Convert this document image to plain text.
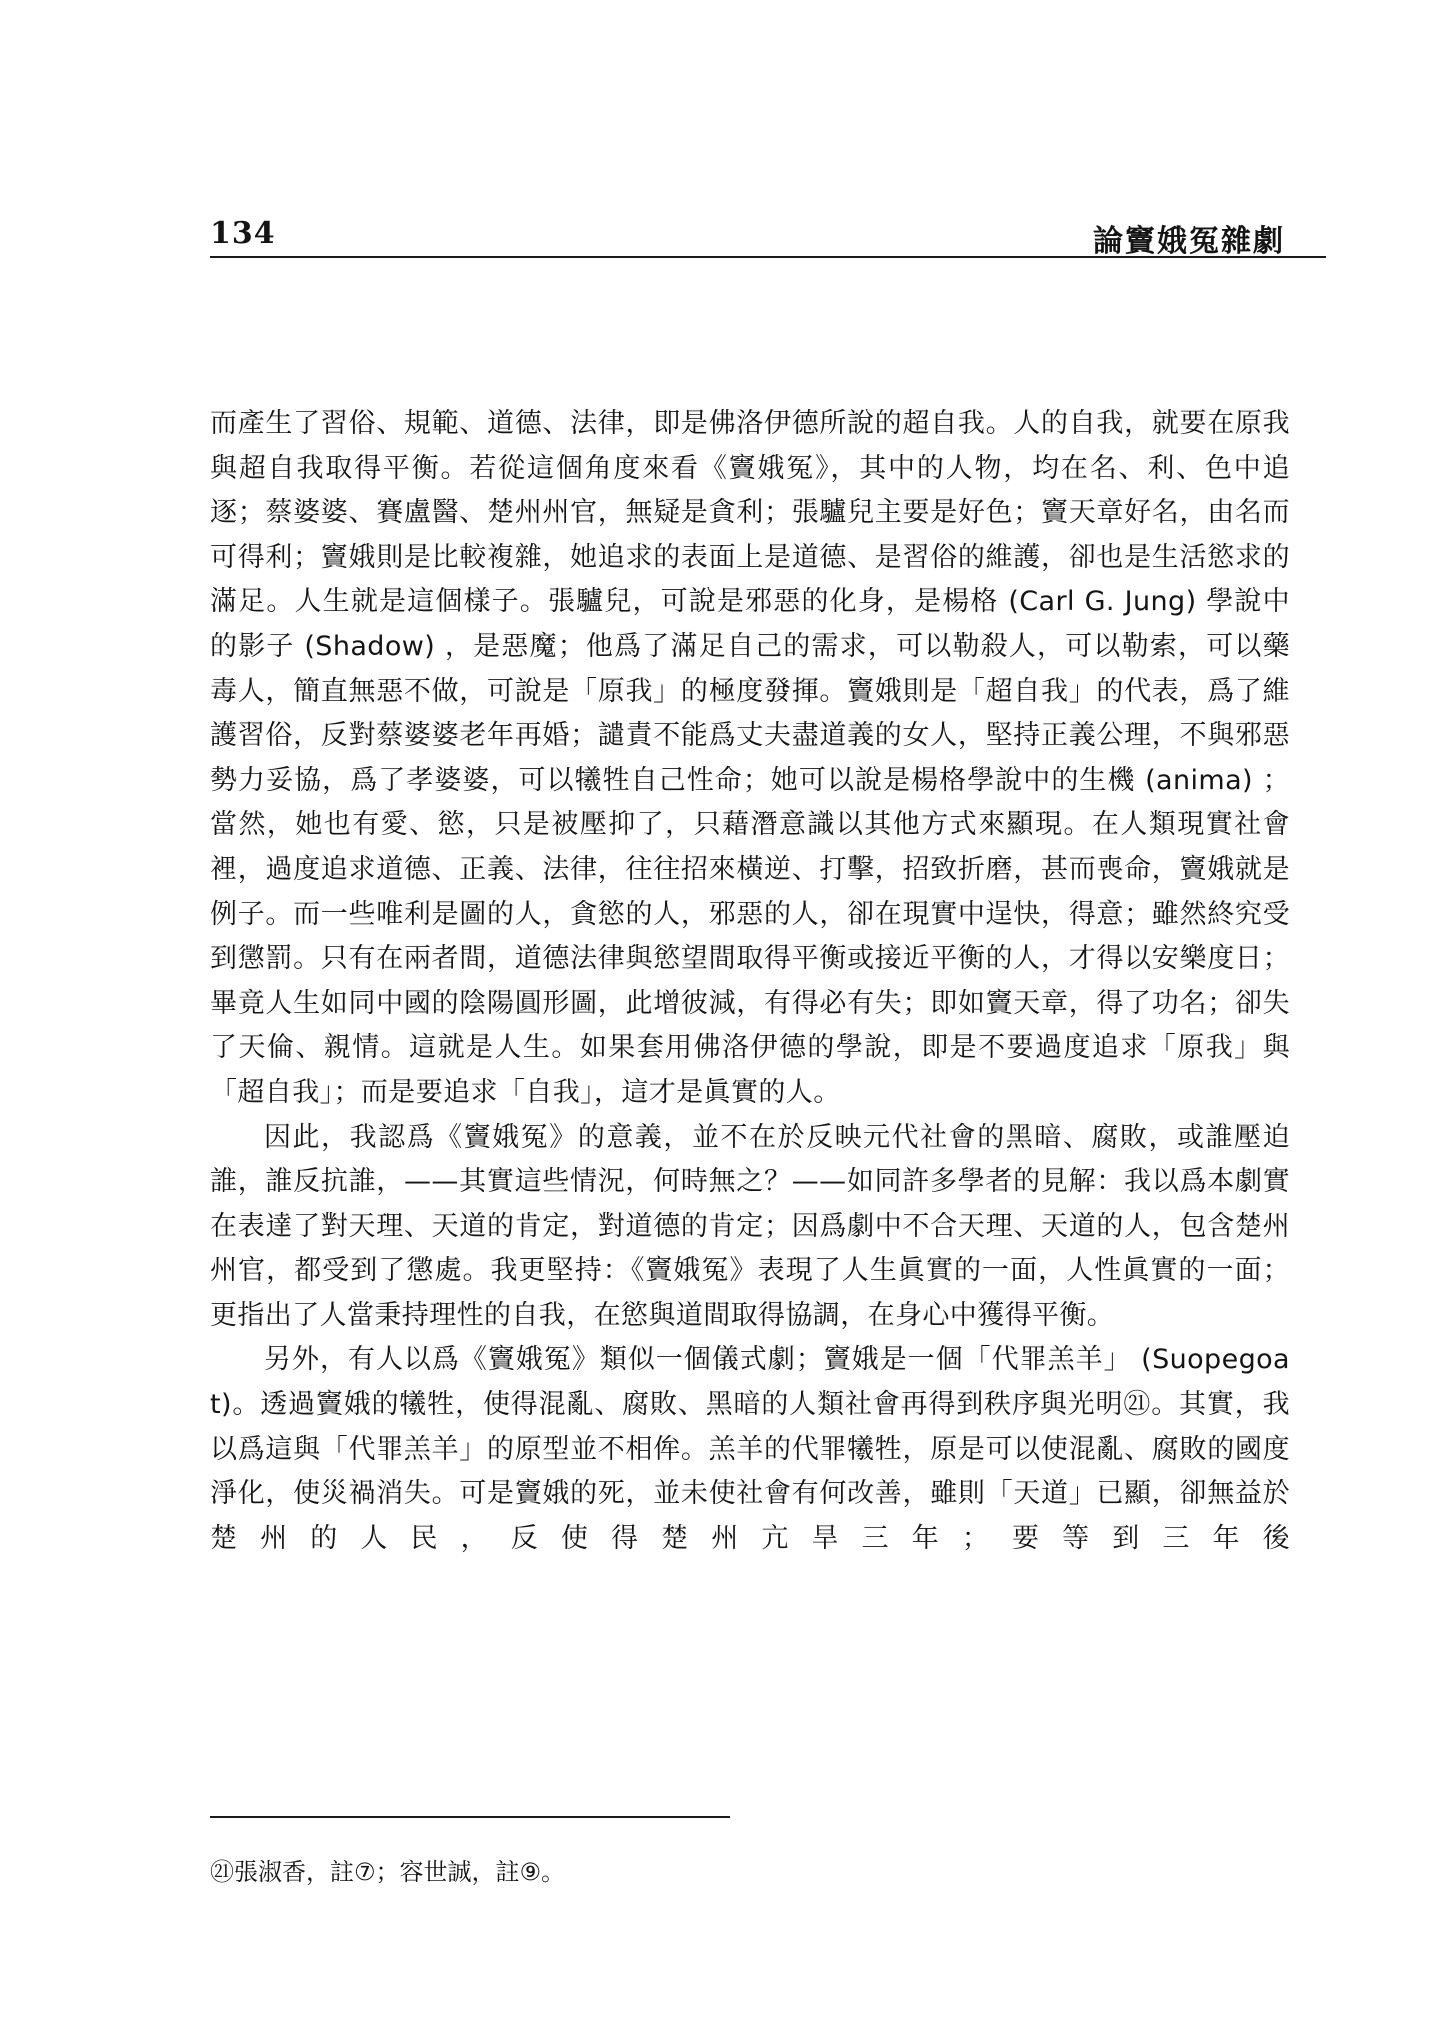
134	論竇娥冤雜劇

而產生了習俗、規範、道德、法律，即是佛洛伊德所說的超自我。人的自我，就要在原我與超自我取得平衡。若從這個角度來看《竇娥冤》，其中的人物，均在名、利、色中追逐；蔡婆婆、賽盧醫、楚州州官，無疑是貪利；張驢兒主要是好色；竇天章好名，由名而可得利；竇娥則是比較複雜，她追求的表面上是道德、是習俗的維護，卻也是生活慾求的滿足。人生就是這個樣子。張驢兒，可說是邪惡的化身，是楊格 (Carl G. Jung) 學說中的影子 (Shadow) ，是惡魔；他爲了滿足自己的需求，可以勒殺人，可以勒索，可以藥毒人，簡直無惡不做，可說是「原我」的極度發揮。竇娥則是「超自我」的代表，爲了維護習俗，反對蔡婆婆老年再婚；譴責不能爲丈夫盡道義的女人，堅持正義公理，不與邪惡勢力妥協，爲了孝婆婆，可以犧牲自己性命；她可以說是楊格學說中的生機 (anima) ；當然，她也有愛、慾，只是被壓抑了，只藉潛意識以其他方式來顯現。在人類現實社會裡，過度追求道德、正義、法律，往往招來橫逆、打擊，招致折磨，甚而喪命，竇娥就是例子。而一些唯利是圖的人，貪慾的人，邪惡的人，卻在現實中逞快，得意；雖然終究受到懲罰。只有在兩者間，道德法律與慾望間取得平衡或接近平衡的人，才得以安樂度日；畢竟人生如同中國的陰陽圓形圖，此增彼減，有得必有失；即如竇天章，得了功名；卻失了天倫、親情。這就是人生。如果套用佛洛伊德的學說，即是不要過度追求「原我」與「超自我」；而是要追求「自我」，這才是眞實的人。

因此，我認爲《竇娥冤》的意義，並不在於反映元代社會的黑暗、腐敗，或誰壓迫誰，誰反抗誰，——其實這些情況，何時無之？——如同許多學者的見解：我以爲本劇實在表達了對天理、天道的肯定，對道德的肯定；因爲劇中不合天理、天道的人，包含楚州州官，都受到了懲處。我更堅持：《竇娥冤》表現了人生眞實的一面，人性眞實的一面；更指出了人當秉持理性的自我，在慾與道間取得協調，在身心中獲得平衡。

另外，有人以爲《竇娥冤》類似一個儀式劇；竇娥是一個「代罪羔羊」 (Suopegoat)。透過竇娥的犧牲，使得混亂、腐敗、黑暗的人類社會再得到秩序與光明㉑。其實，我以爲這與「代罪羔羊」的原型並不相侔。羔羊的代罪犧牲，原是可以使混亂、腐敗的國度淨化，使災禍消失。可是竇娥的死，並未使社會有何改善，雖則「天道」已顯，卻無益於楚州的人民，反使得楚州亢旱三年；要等到三年後

㉑張淑香，註⑦；容世誠，註⑨。
